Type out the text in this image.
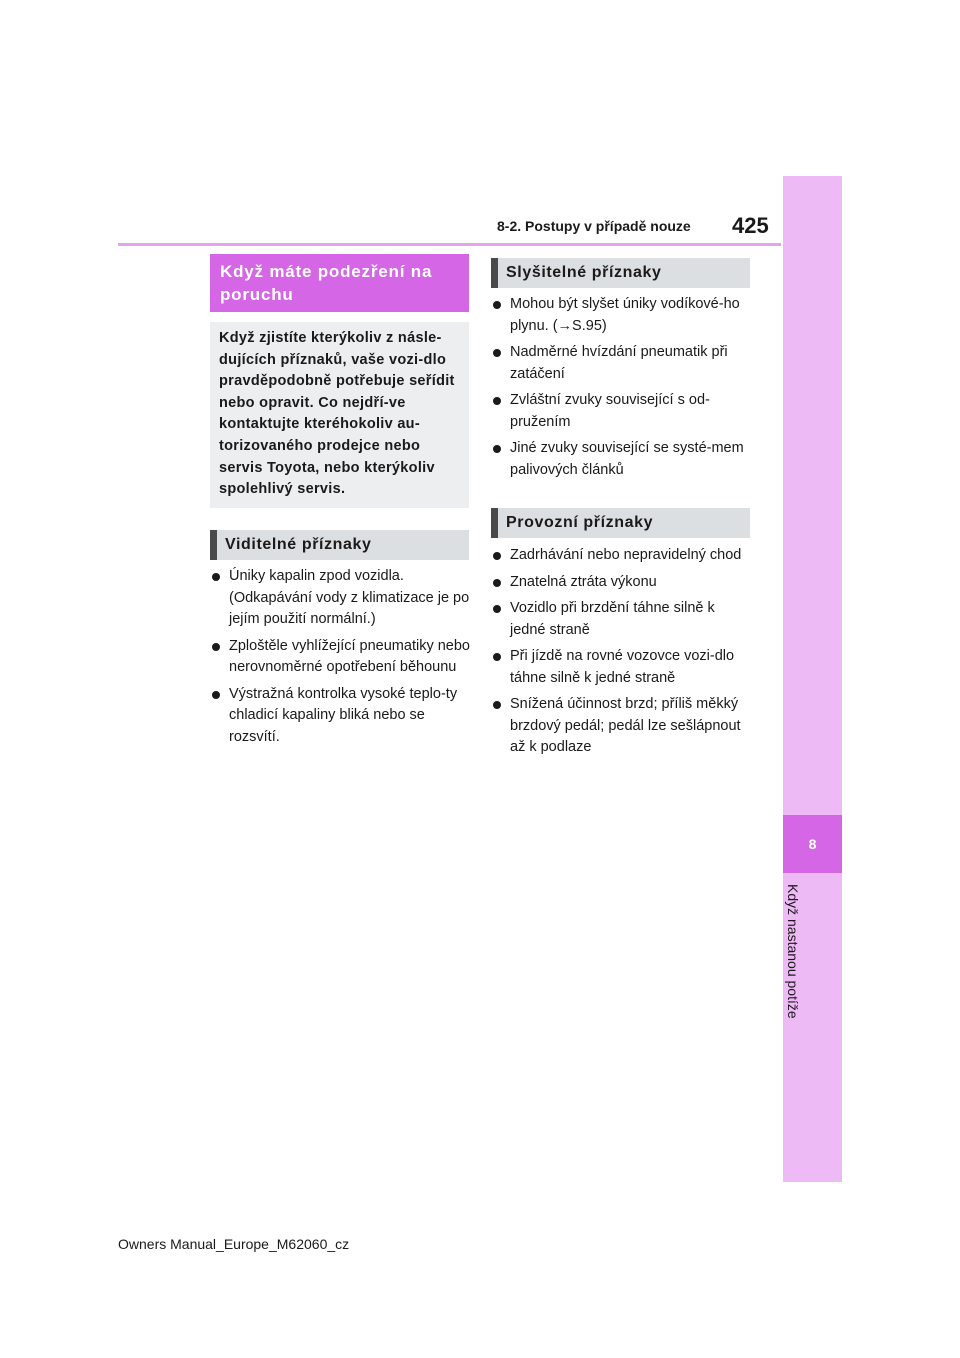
8-2. Postupy v případě nouze 425
8
Když nastanou potíže
Když máte podezření na poruchu
Když zjistíte kterýkoliv z násle-dujících příznaků, vaše vozi-dlo pravděpodobně potřebuje seřídit nebo opravit. Co nejdří-ve kontaktujte kteréhokoliv au-torizovaného prodejce nebo servis Toyota, nebo kterýkoliv spolehlivý servis.
Viditelné příznaky
Úniky kapalin zpod vozidla. (Odkapávání vody z klimatizace je po jejím použití normální.)
Zploštěle vyhlížející pneumatiky nebo nerovnoměrné opotřebení běhounu
Výstražná kontrolka vysoké teplo-ty chladicí kapaliny bliká nebo se rozsvítí.
Slyšitelné příznaky
Mohou být slyšet úniky vodíkové-ho plynu. (→S.95)
Nadměrné hvízdání pneumatik při zatáčení
Zvláštní zvuky související s od-pružením
Jiné zvuky související se systé-mem palivových článků
Provozní příznaky
Zadrhávání nebo nepravidelný chod
Znatelná ztráta výkonu
Vozidlo při brzdění táhne silně k jedné straně
Při jízdě na rovné vozovce vozi-dlo táhne silně k jedné straně
Snížená účinnost brzd; příliš měkký brzdový pedál; pedál lze sešlápnout až k podlaze
Owners Manual_Europe_M62060_cz
